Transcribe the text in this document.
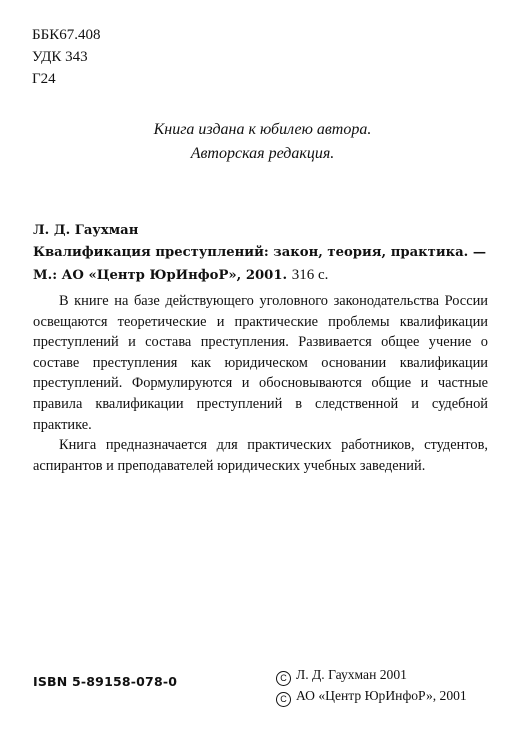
ББК67.408
УДК 343
Г24
Книга издана к юбилею автора.
Авторская редакция.
Л. Д. Гаухман
Квалификация преступлений: закон, теория, практика. —
М.: АО «Центр ЮрИнфоР», 2001. 316 с.

В книге на базе действующего уголовного законодательства России освещаются теоретические и практические проблемы квалификации преступлений и состава преступления. Развивается общее учение о составе преступления как юридическом основании квалификации преступлений. Формулируются и обосновываются общие и частные правила квалификации преступлений в следственной и судебной практике.

Книга предназначается для практических работников, студентов, аспирантов и преподавателей юридических учебных заведений.

ISBN 5-89158-078-0	C Л. Д. Гаухман 2001
C АО «Центр ЮрИнфоР», 2001
